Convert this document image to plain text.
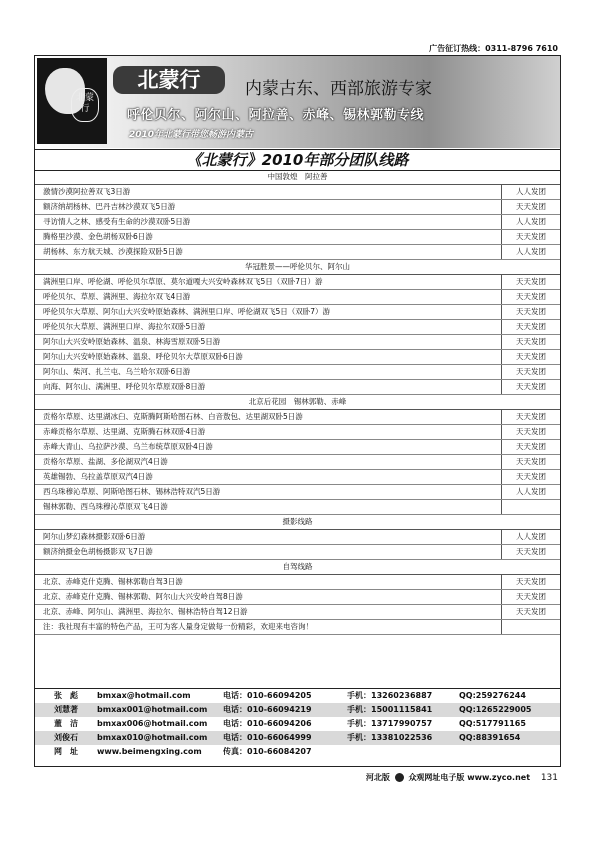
广告征订热线：0311-8796 7610
北蒙行
北蒙行	内蒙古东、西部旅游专家
呼伦贝尔、阿尔山、阿拉善、赤峰、锡林郭勒专线
2010年北蒙行带您畅游内蒙古
《北蒙行》2010年部分团队线路
中国敦煌　阿拉善
激情沙漠阿拉善双飞3日游	人人发团
额济纳胡杨林、巴丹吉林沙漠双飞5日游	天天发团
寻访情人之林、感受有生命的沙漠双卧5日游	人人发团
腾格里沙漠、金色胡杨双卧6日游	天天发团
胡杨林、东方航天城、沙漠探险双卧5日游	人人发团
华冠胜景——呼伦贝尔、阿尔山
满洲里口岸、呼伦湖、呼伦贝尔草原、莫尔道嘎大兴安岭森林双飞5日（双卧7日）游	天天发团
呼伦贝尔、草原、满洲里、海拉尔双飞4日游	天天发团
呼伦贝尔大草原、阿尔山大兴安岭原始森林、满洲里口岸、呼伦湖双飞5日（双卧7）游	天天发团
呼伦贝尔大草原、满洲里口岸、海拉尔双卧5日游	天天发团
阿尔山大兴安岭原始森林、温泉、林海雪原双卧5日游	天天发团
阿尔山大兴安岭原始森林、温泉、呼伦贝尔大草原双卧6日游	天天发团
阿尔山、柴河、扎兰屯、乌兰哈尔双卧6日游	天天发团
向海、阿尔山、满洲里、呼伦贝尔草原双卧8日游	天天发团
北京后花园　锡林郭勒、赤峰
贡格尔草原、达里湖冰臼、克斯腾阿斯哈图石林、白音敖包、达里湖双卧5日游	天天发团
赤峰贡格尔草原、达里湖、克斯腾石林双卧4日游	天天发团
赤峰大青山、乌拉萨沙漠、乌兰布统草原双卧4日游	天天发团
贡格尔草原、盐湖、多伦湖双汽4日游	天天发团
英雄锡勃、乌拉盖草原双汽4日游	天天发团
西乌珠穆沁草原、阿斯哈图石林、锡林浩特双汽5日游	人人发团
锡林郭勒、西乌珠穆沁草原双飞4日游
摄影线路
阿尔山梦幻森林摄影双卧6日游	人人发团
额济纳摄金色胡杨摄影双飞7日游	天天发团
自驾线路
北京、赤峰克什克腾、锡林郭勒自驾3日游	天天发团
北京、赤峰克什克腾、锡林郭勒、阿尔山大兴安岭自驾8日游	天天发团
北京、赤峰、阿尔山、满洲里、海拉尔、锡林浩特自驾12日游	天天发团
注：我社现有丰富的特色产品，王可为客人量身定做每一份精彩，欢迎来电咨询！
张　彪	bmxax@hotmail.com	电话：010-66094205	手机：13260236887	QQ:259276244
刘慧著	bmxax001@hotmail.com	电话：010-66094219	手机：15001115841	QQ:1265229005
董　洁	bmxax006@hotmail.com	电话：010-66094206	手机：13717990757	QQ:517791165
刘俊石	bmxax010@hotmail.com	电话：010-66064999	手机：13381022536	QQ:88391654
网　址	www.beimengxing.com	传真：010-66084207
河北版 众观网址电子版 www.zyco.net 131
